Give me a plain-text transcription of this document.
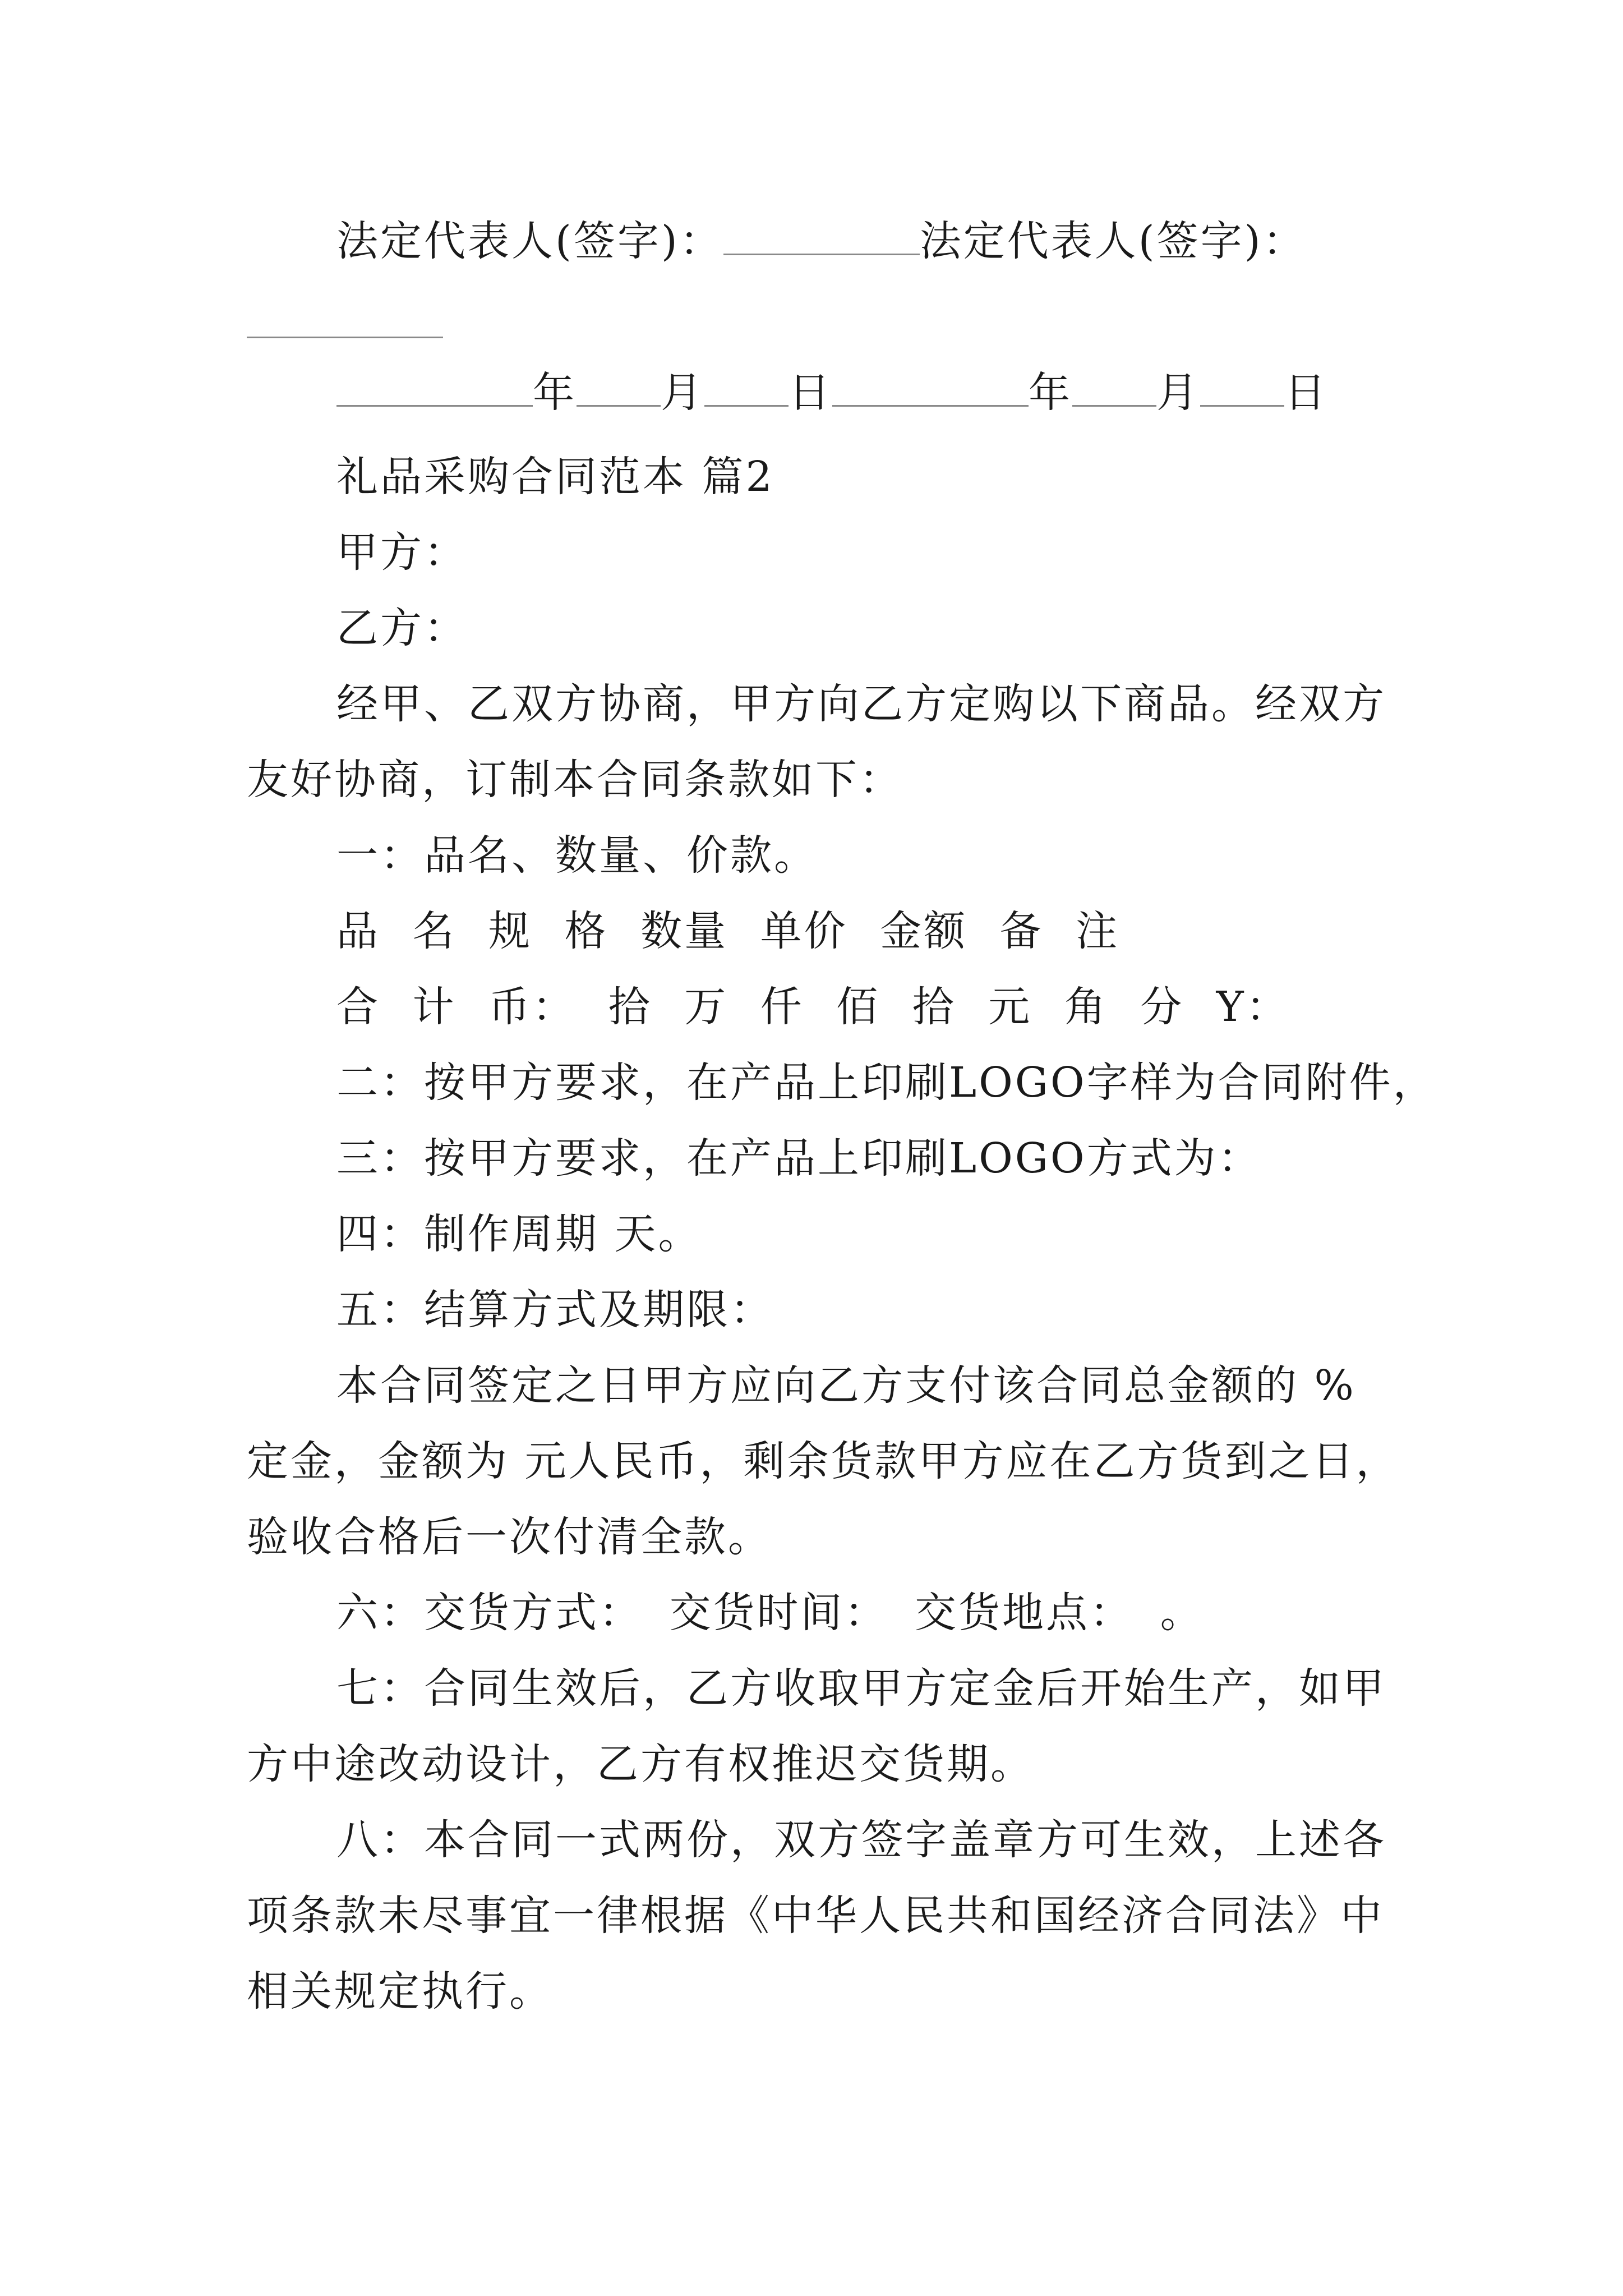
法定代表人(签字)：	法定代表人(签字)：
年 月 日	年 月 日
礼品采购合同范本 篇2
甲方：
乙方：
经甲、乙双方协商，甲方向乙方定购以下商品。经双方
友好协商，订制本合同条款如下：
一：品名、数量、价款。
品 名 规 格 数量 单价 金额 备 注
合 计 币： 拾 万 仟 佰 拾 元 角 分 Y：
二：按甲方要求，在产品上印刷LOGO字样为合同附件，
三：按甲方要求，在产品上印刷LOGO方式为：
四：制作周期 天。
五：结算方式及期限：
本合同签定之日甲方应向乙方支付该合同总金额的 %
定金，金额为 元人民币，剩余货款甲方应在乙方货到之日，
验收合格后一次付清全款。
六：交货方式： 交货时间： 交货地点： 。
七：合同生效后，乙方收取甲方定金后开始生产，如甲
方中途改动设计，乙方有权推迟交货期。
八：本合同一式两份，双方签字盖章方可生效，上述各
项条款未尽事宜一律根据《中华人民共和国经济合同法》中
相关规定执行。
